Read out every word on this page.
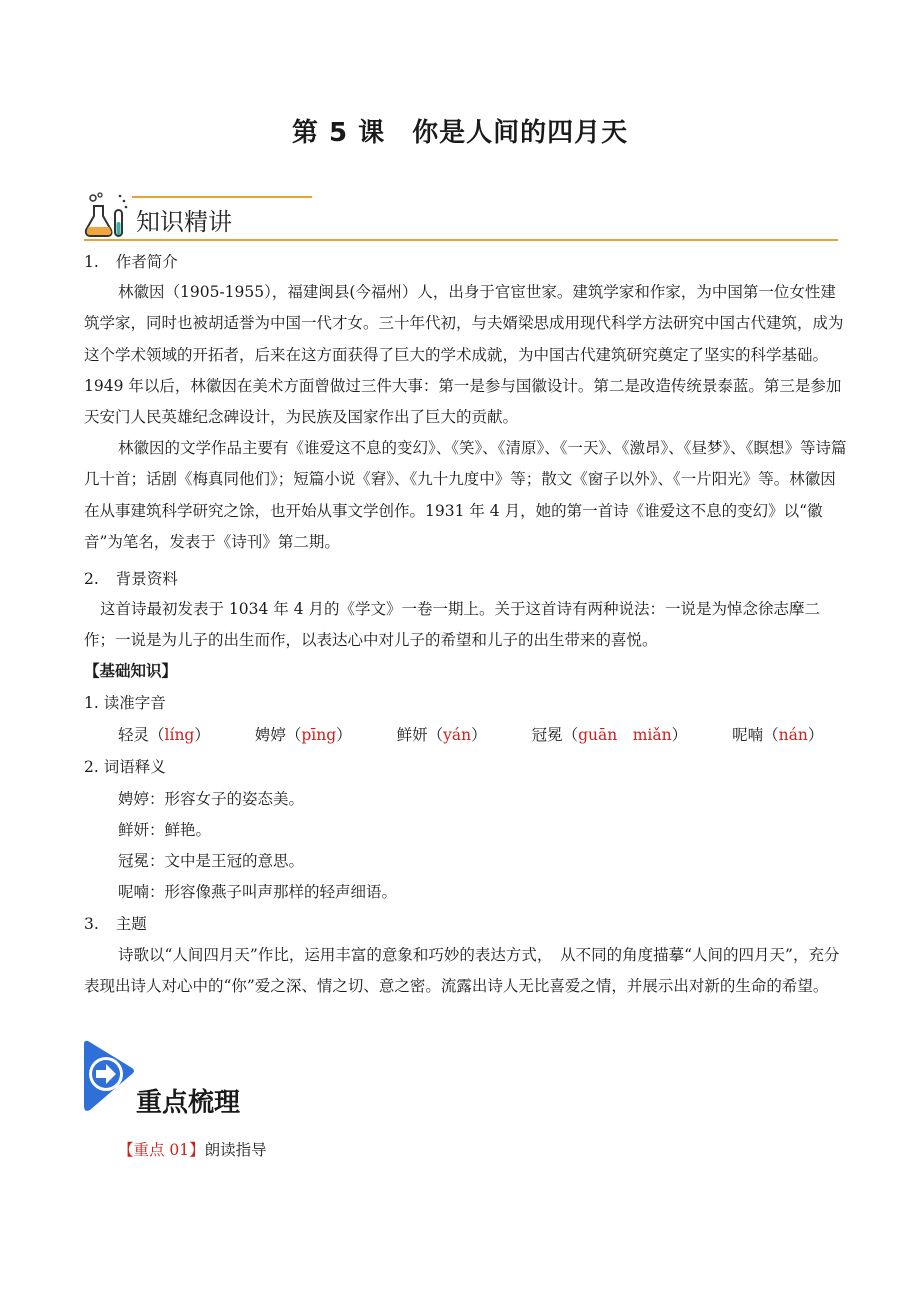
第 5 课　你是人间的四月天
知识精讲
1. 作者简介
林徽因（1905-1955），福建闽县(今福州）人，出身于官宦世家。建筑学家和作家，为中国第一位女性建筑学家，同时也被胡适誉为中国一代才女。三十年代初，与夫婿梁思成用现代科学方法研究中国古代建筑，成为这个学术领域的开拓者，后来在这方面获得了巨大的学术成就，为中国古代建筑研究奠定了坚实的科学基础。1949 年以后，林徽因在美术方面曾做过三件大事：第一是参与国徽设计。第二是改造传统景泰蓝。第三是参加天安门人民英雄纪念碑设计，为民族及国家作出了巨大的贡献。
林徽因的文学作品主要有《谁爱这不息的变幻》、《笑》、《清原》、《一天》、《激昂》、《昼梦》、《瞑想》等诗篇几十首；话剧《梅真同他们》；短篇小说《窘》、《九十九度中》等；散文《窗子以外》、《一片阳光》等。林徽因在从事建筑科学研究之馀，也开始从事文学创作。1931 年 4 月，她的第一首诗《谁爱这不息的变幻》以“徽音”为笔名，发表于《诗刊》第二期。
2. 背景资料
这首诗最初发表于 1034 年 4 月的《学文》一卷一期上。关于这首诗有两种说法：一说是为悼念徐志摩二作；一说是为儿子的出生而作，以表达心中对儿子的希望和儿子的出生带来的喜悦。
【基础知识】
1. 读准字音
轻灵（líng）	娉婷（pīng）	鲜妍（yán）	冠冕（guān　miǎn）	呢喃（nán）
2. 词语释义
娉婷：形容女子的姿态美。
鲜妍：鲜艳。
冠冕：文中是王冠的意思。
呢喃：形容像燕子叫声那样的轻声细语。
3. 主题
诗歌以“人间四月天”作比，运用丰富的意象和巧妙的表达方式，　从不同的角度描摹“人间的四月天”，充分表现出诗人对心中的“你”爱之深、情之切、意之密。流露出诗人无比喜爱之情，并展示出对新的生命的希望。
重点梳理
【重点 01】朗读指导
